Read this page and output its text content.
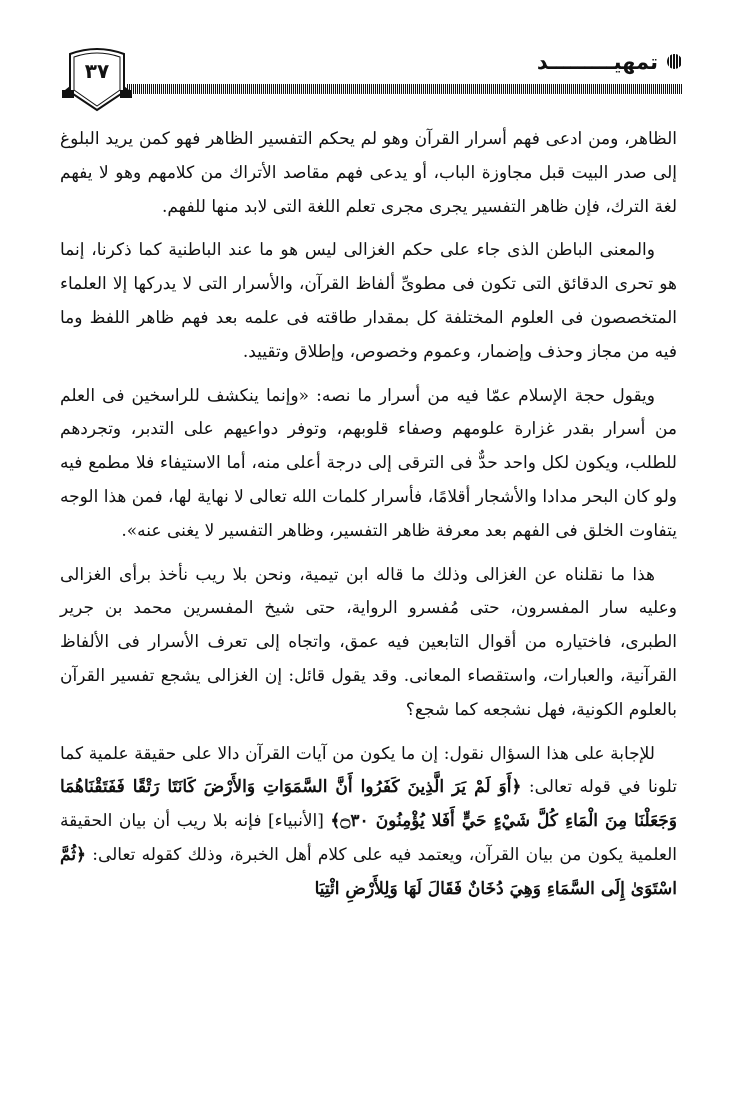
تمهيـــــــــد
٣٧

الظاهر، ومن ادعى فهم أسرار القرآن وهو لم يحكم التفسير الظاهر فهو كمن يريد البلوغ إلى صدر البيت قبل مجاوزة الباب، أو يدعى فهم مقاصد الأتراك من كلامهم وهو لا يفهم لغة الترك، فإن ظاهر التفسير يجرى مجرى تعلم اللغة التى لابد منها للفهم.

والمعنى الباطن الذى جاء على حكم الغزالى ليس هو ما عند الباطنية كما ذكرنا، إنما هو تحرى الدقائق التى تكون فى مطوىِّ ألفاظ القرآن، والأسرار التى لا يدركها إلا العلماء المتخصصون فى العلوم المختلفة كل بمقدار طاقته فى علمه بعد فهم ظاهر اللفظ وما فيه من مجاز وحذف وإضمار، وعموم وخصوص، وإطلاق وتقييد.

ويقول حجة الإسلام عمّا فيه من أسرار ما نصه: «وإنما ينكشف للراسخين فى العلم من أسرار بقدر غزارة علومهم وصفاء قلوبهم، وتوفر دواعيهم على التدبر، وتجردهم للطلب، ويكون لكل واحد حدٌّ فى الترقى إلى درجة أعلى منه، أما الاستيفاء فلا مطمع فيه ولو كان البحر مدادا والأشجار أقلامًا، فأسرار كلمات الله تعالى لا نهاية لها، فمن هذا الوجه يتفاوت الخلق فى الفهم بعد معرفة ظاهر التفسير، وظاهر التفسير لا يغنى عنه».

هذا ما نقلناه عن الغزالى وذلك ما قاله ابن تيمية، ونحن بلا ريب نأخذ برأى الغزالى وعليه سار المفسرون، حتى مُفسرو الرواية، حتى شيخ المفسرين محمد بن جرير الطبرى، فاختياره من أقوال التابعين فيه عمق، واتجاه إلى تعرف الأسرار فى الألفاظ القرآنية، والعبارات، واستقصاء المعانى. وقد يقول قائل: إن الغزالى يشجع تفسير القرآن بالعلوم الكونية، فهل نشجعه كما شجع؟

للإجابة على هذا السؤال نقول: إن ما يكون من آيات القرآن دالا على حقيقة علمية كما تلونا في قوله تعالى: ﴿أَوَ لَمْ يَرَ الَّذِينَ كَفَرُوا أَنَّ السَّمَوَاتِ وَالأَرْضَ كَانَتَا رَتْقًا فَفَتَقْنَاهُمَا وَجَعَلْنَا مِنَ الْمَاءِ كُلَّ شَيْءٍ حَيٍّ أَفَلا يُؤْمِنُونَ ۝٣٠﴾ [الأنبياء] فإنه بلا ريب أن بيان الحقيقة العلمية يكون من بيان القرآن، ويعتمد فيه على كلام أهل الخبرة، وذلك كقوله تعالى: ﴿ثُمَّ اسْتَوَىٰ إِلَى السَّمَاءِ وَهِيَ دُخَانٌ فَقَالَ لَهَا وَلِلأَرْضِ ائْتِيَا
